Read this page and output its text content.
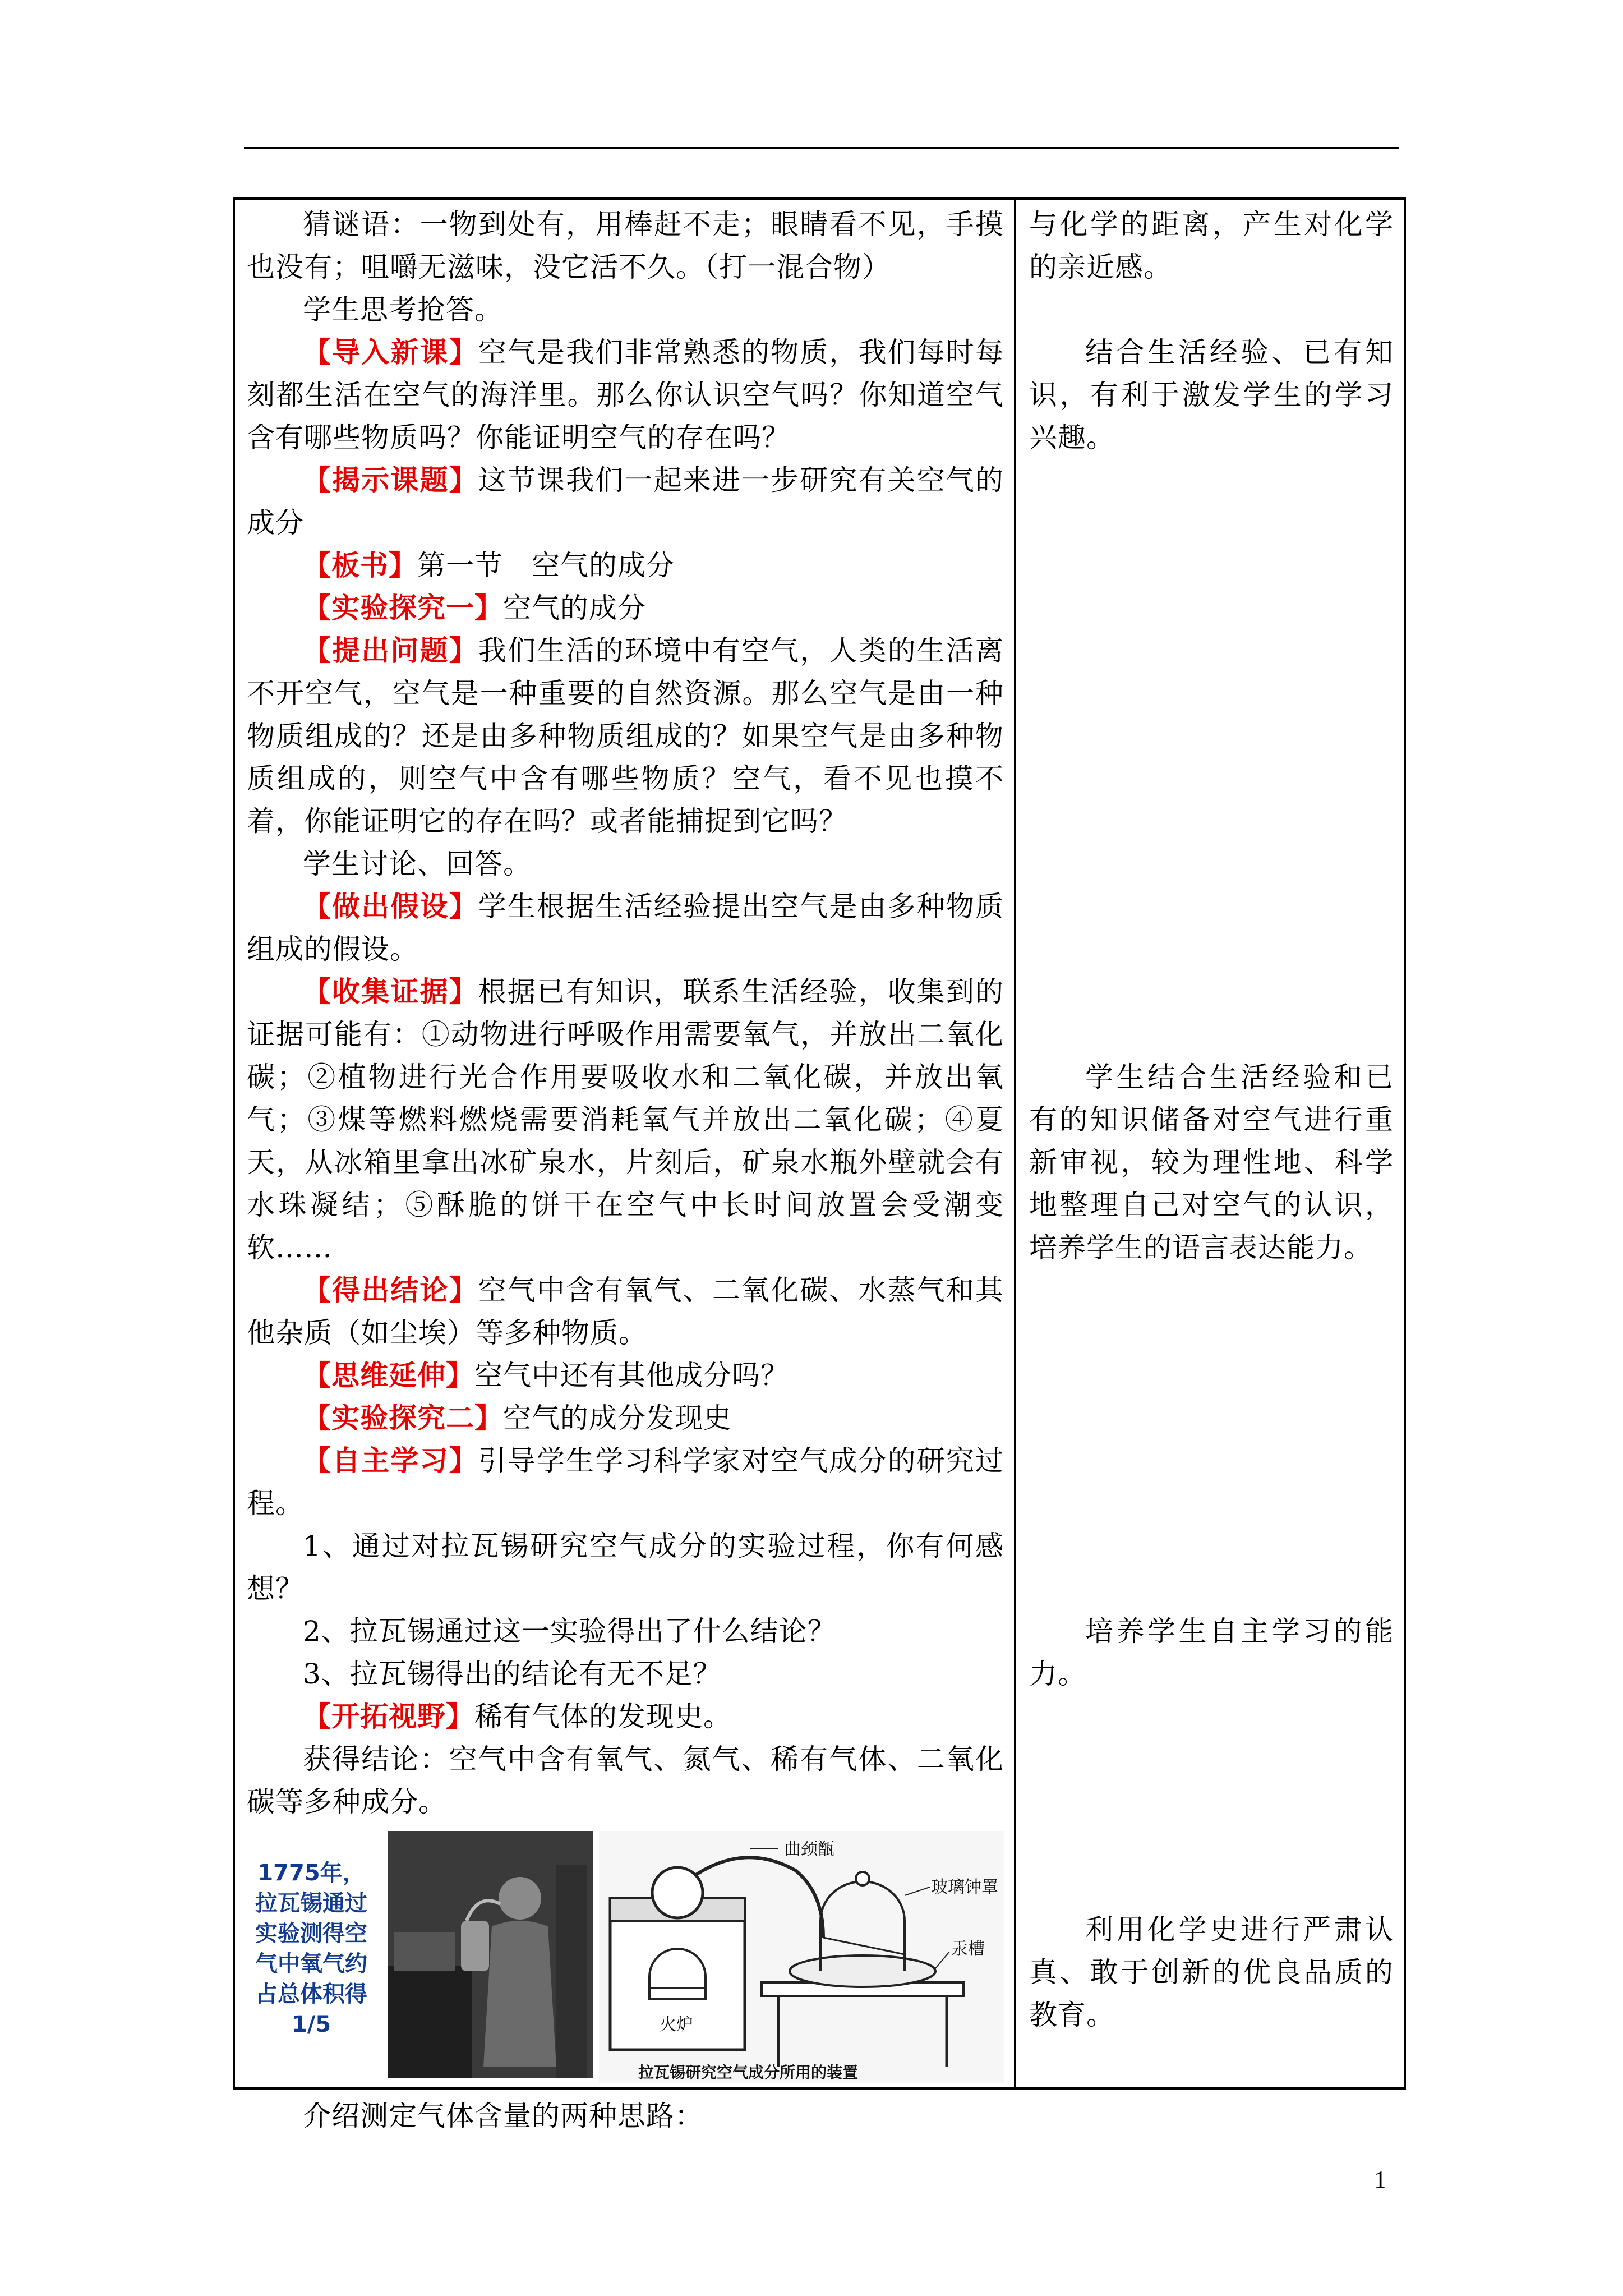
猜谜语：一物到处有，用棒赶不走；眼睛看不见，手摸也没有；咀嚼无滋味，没它活不久。（打一混合物）

学生思考抢答。

【导入新课】空气是我们非常熟悉的物质，我们每时每刻都生活在空气的海洋里。那么你认识空气吗？你知道空气含有哪些物质吗？你能证明空气的存在吗？

【揭示课题】这节课我们一起来进一步研究有关空气的成分

【板书】第一节　空气的成分

【实验探究一】空气的成分

【提出问题】我们生活的环境中有空气，人类的生活离不开空气，空气是一种重要的自然资源。那么空气是由一种物质组成的？还是由多种物质组成的？如果空气是由多种物质组成的，则空气中含有哪些物质？空气，看不见也摸不着，你能证明它的存在吗？或者能捕捉到它吗？

学生讨论、回答。

【做出假设】学生根据生活经验提出空气是由多种物质组成的假设。

【收集证据】根据已有知识，联系生活经验，收集到的证据可能有：①动物进行呼吸作用需要氧气，并放出二氧化碳；②植物进行光合作用要吸收水和二氧化碳，并放出氧气；③煤等燃料燃烧需要消耗氧气并放出二氧化碳；④夏天，从冰箱里拿出冰矿泉水，片刻后，矿泉水瓶外壁就会有水珠凝结；⑤酥脆的饼干在空气中长时间放置会受潮变软……

【得出结论】空气中含有氧气、二氧化碳、水蒸气和其他杂质（如尘埃）等多种物质。

【思维延伸】空气中还有其他成分吗？

【实验探究二】空气的成分发现史

【自主学习】引导学生学习科学家对空气成分的研究过程。

1、通过对拉瓦锡研究空气成分的实验过程，你有何感想？

2、拉瓦锡通过这一实验得出了什么结论？

3、拉瓦锡得出的结论有无不足？

【开拓视野】稀有气体的发现史。

获得结论：空气中含有氧气、氮气、稀有气体、二氧化碳等多种成分。

1775年，拉瓦锡通过实验测得空气中氧气约占总体积得1/5
曲颈甑
玻璃钟罩
汞槽
火炉
拉瓦锡研究空气成分所用的装置

介绍测定气体含量的两种思路：

与化学的距离，产生对化学的亲近感。

结合生活经验、已有知识，有利于激发学生的学习兴趣。

学生结合生活经验和已有的知识储备对空气进行重新审视，较为理性地、科学地整理自己对空气的认识，培养学生的语言表达能力。

培养学生自主学习的能力。

利用化学史进行严肃认真、敢于创新的优良品质的教育。

1
